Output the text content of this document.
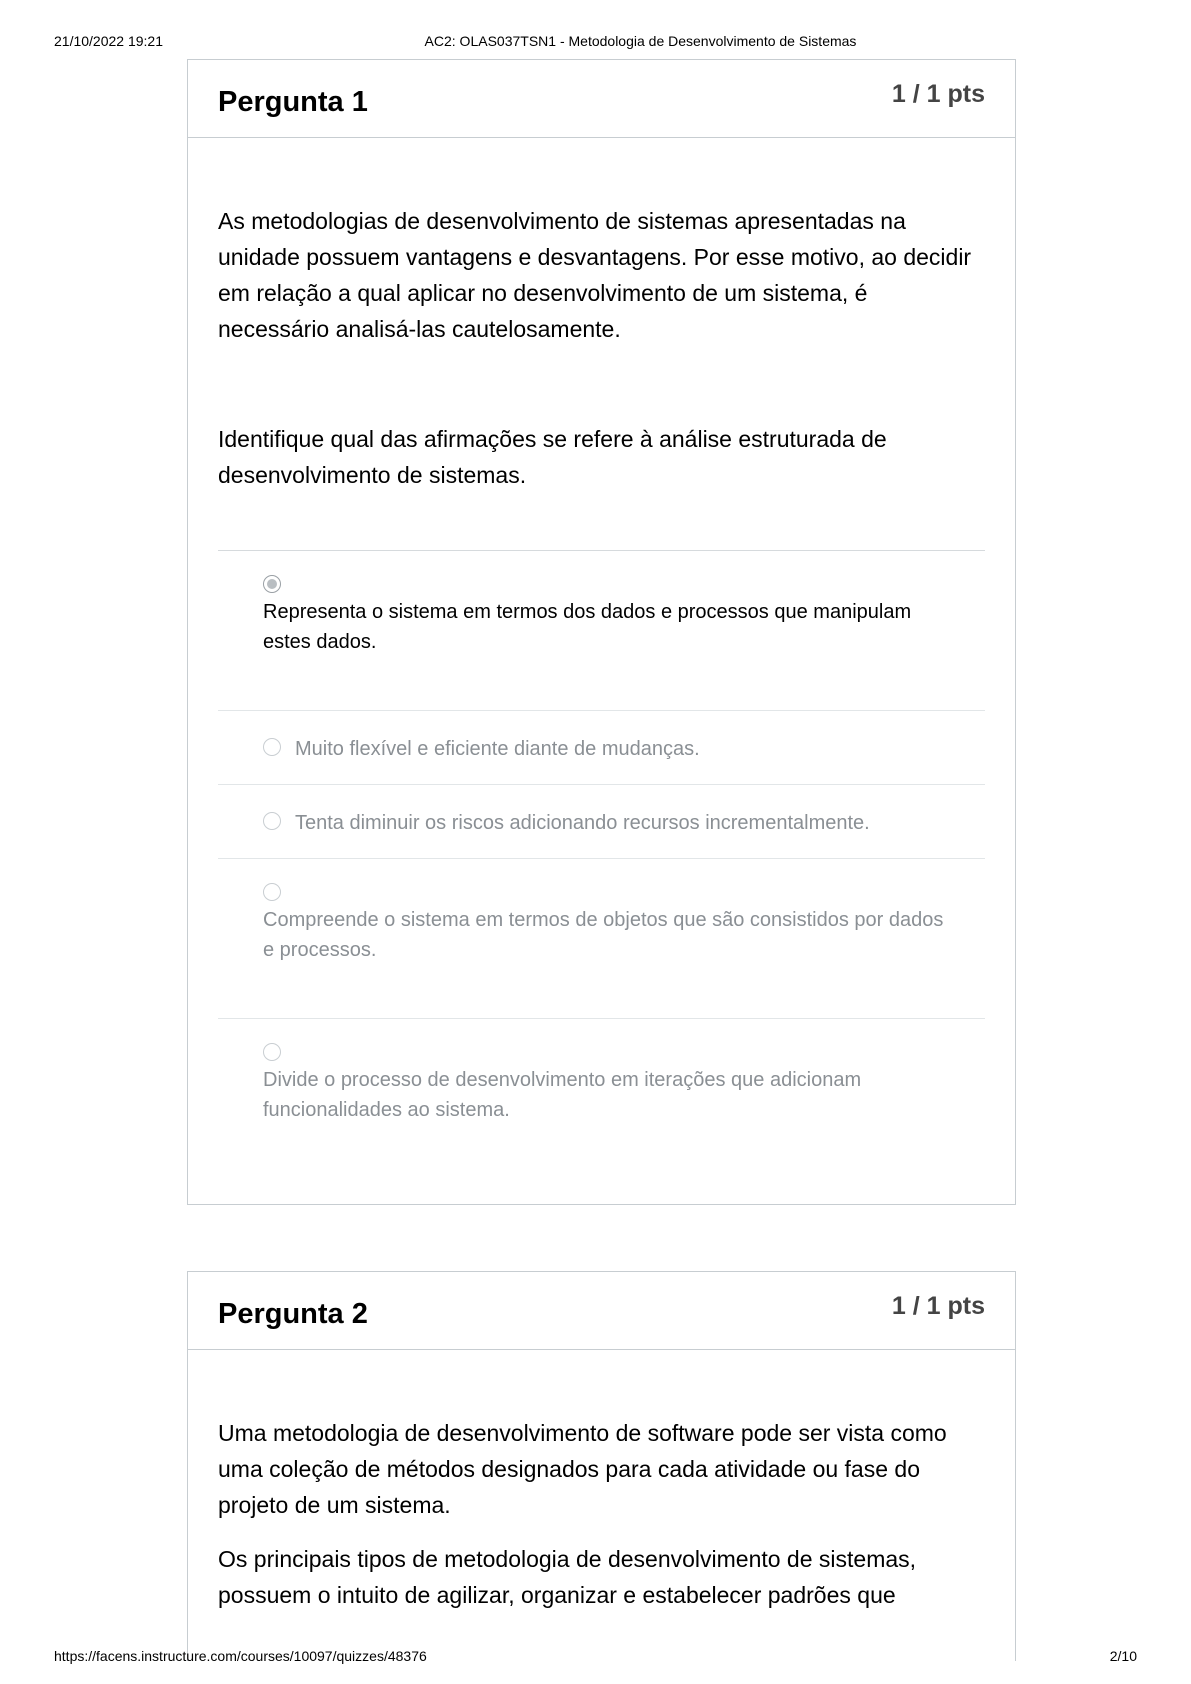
21/10/2022 19:21	AC2: OLAS037TSN1 - Metodologia de Desenvolvimento de Sistemas
Pergunta 1	1 / 1 pts

As metodologias de desenvolvimento de sistemas apresentadas na unidade possuem vantagens e desvantagens. Por esse motivo, ao decidir em relação a qual aplicar no desenvolvimento de um sistema, é necessário analisá-las cautelosamente.

Identifique qual das afirmações se refere à análise estruturada de desenvolvimento de sistemas.

Representa o sistema em termos dos dados e processos que manipulam estes dados.
Muito flexível e eficiente diante de mudanças.
Tenta diminuir os riscos adicionando recursos incrementalmente.
Compreende o sistema em termos de objetos que são consistidos por dados e processos.
Divide o processo de desenvolvimento em iterações que adicionam funcionalidades ao sistema.
Pergunta 2	1 / 1 pts

Uma metodologia de desenvolvimento de software pode ser vista como uma coleção de métodos designados para cada atividade ou fase do projeto de um sistema.

Os principais tipos de metodologia de desenvolvimento de sistemas, possuem o intuito de agilizar, organizar e estabelecer padrões que

https://facens.instructure.com/courses/10097/quizzes/48376	2/10
